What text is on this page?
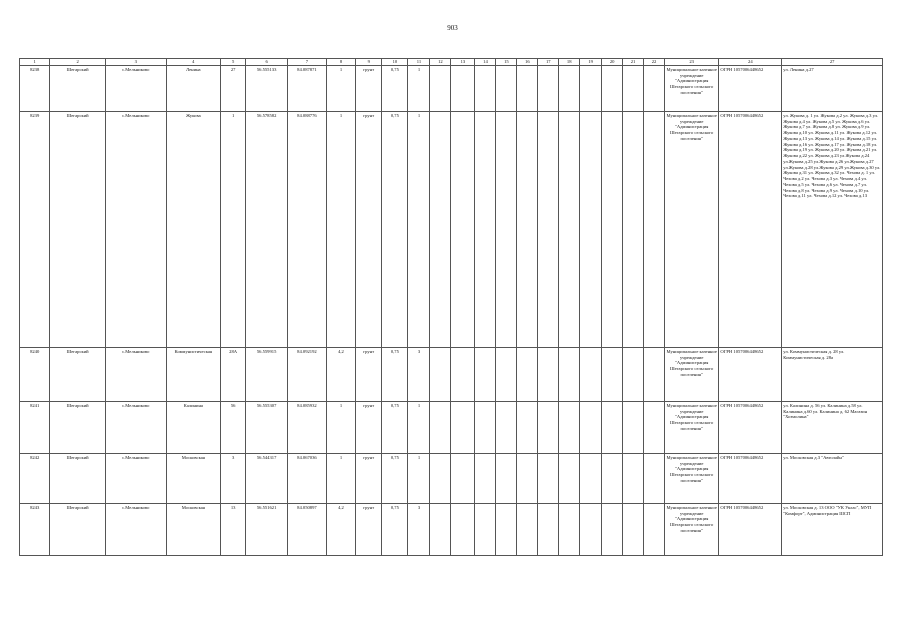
903
1	2	3	4	5	6	7	8	9	10	11	12	13	14	15	16	17	18	19	20	21	22	23	24	27
8238	Шегарский	с.Мельниково	Ленина	27	56.555133	84.087871	1	грунт	0,75	1												Муниципальное казенное учреждение "Администрация Шегарского сельского поселения"	ОГРН 1057006448652	ул. Ленина д.27
8239	Шегарский	с.Мельниково	Жукова	1	56.578582	84.088776	1	грунт	0,75	1												Муниципальное казенное учреждение "Администрация Шегарского сельского поселения"	ОГРН 1057006448652	ул. Жукова д. 1 ул. Жукова д.2 ул. Жукова д.3 ул. Жукова д.4 ул. Жукова д.5 ул. Жукова д.6 ул. Жукова д.7 ул. Жукова д.8 ул. Жукова д.9 ул. Жукова д.10 ул. Жукова д.11 ул. Жукова д.12 ул. Жукова д.13 ул. Жукова д.14 ул. Жукова д.15 ул. Жукова д.16 ул. Жукова д.17 ул. Жукова д.18 ул. Жукова д.19 ул. Жукова д.20 ул. Жукова д.21 ул. Жукова д.22 ул. Жукова д.23 ул.Жукова д.24 ул.Жукова д.25 ул.Жукова д.26 ул.Жукова д.27 ул.Жукова д.28 ул.Жукова д.29 ул.Жукова д.30 ул. Жукова д.31 ул. Жукова д.32 ул. Чехова д. 1 ул. Чехова д.2 ул. Чехова д.3 ул. Чехова д.4 ул. Чехова д.5 ул. Чехова д.6 ул. Чехова д.7 ул. Чехова д.8 ул. Чехова д.9 ул. Чехова д.10 ул. Чехова д.11 ул. Чехова д.12 ул. Чехова д.13
8240	Шегарский	с.Мельниково	Коммунистическая	28А	56.559915	84.092192	4,2	грунт	0,75	3												Муниципальное казенное учреждение "Администрация Шегарского сельского поселения"	ОГРН 1057006448652	ул. Коммунистическая д. 28 ул. Коммунистическая д. 28а
8241	Шегарский	с.Мельниково	Калинина	56	56.555307	84.085932	1	грунт	0,75	1												Муниципальное казенное учреждение "Администрация Шегарского сельского поселения"	ОГРН 1057006448652	ул. Калинина д. 56 ул. Калинина д.58 ул. Калинина д.60 ул. Калинина д. 62 Магазин "Хозмолина"
8242	Шегарский	с.Мельниково	Московская	3	56.544317	84.067036	1	грунт	0,75	1												Муниципальное казенное учреждение "Администрация Шегарского сельского поселения"	ОГРН 1057006448652	ул. Московская д.3 "Автолайн"
8243	Шегарский	с.Мельниково	Московская	13	56.551621	84.050897	4,2	грунт	0,75	3												Муниципальное казенное учреждение "Администрация Шегарского сельского поселения"	ОГРН 1057006448652	ул. Московская д. 13 ООО "УК Уклас", МУП "Комфорт", Администрация ШСП
